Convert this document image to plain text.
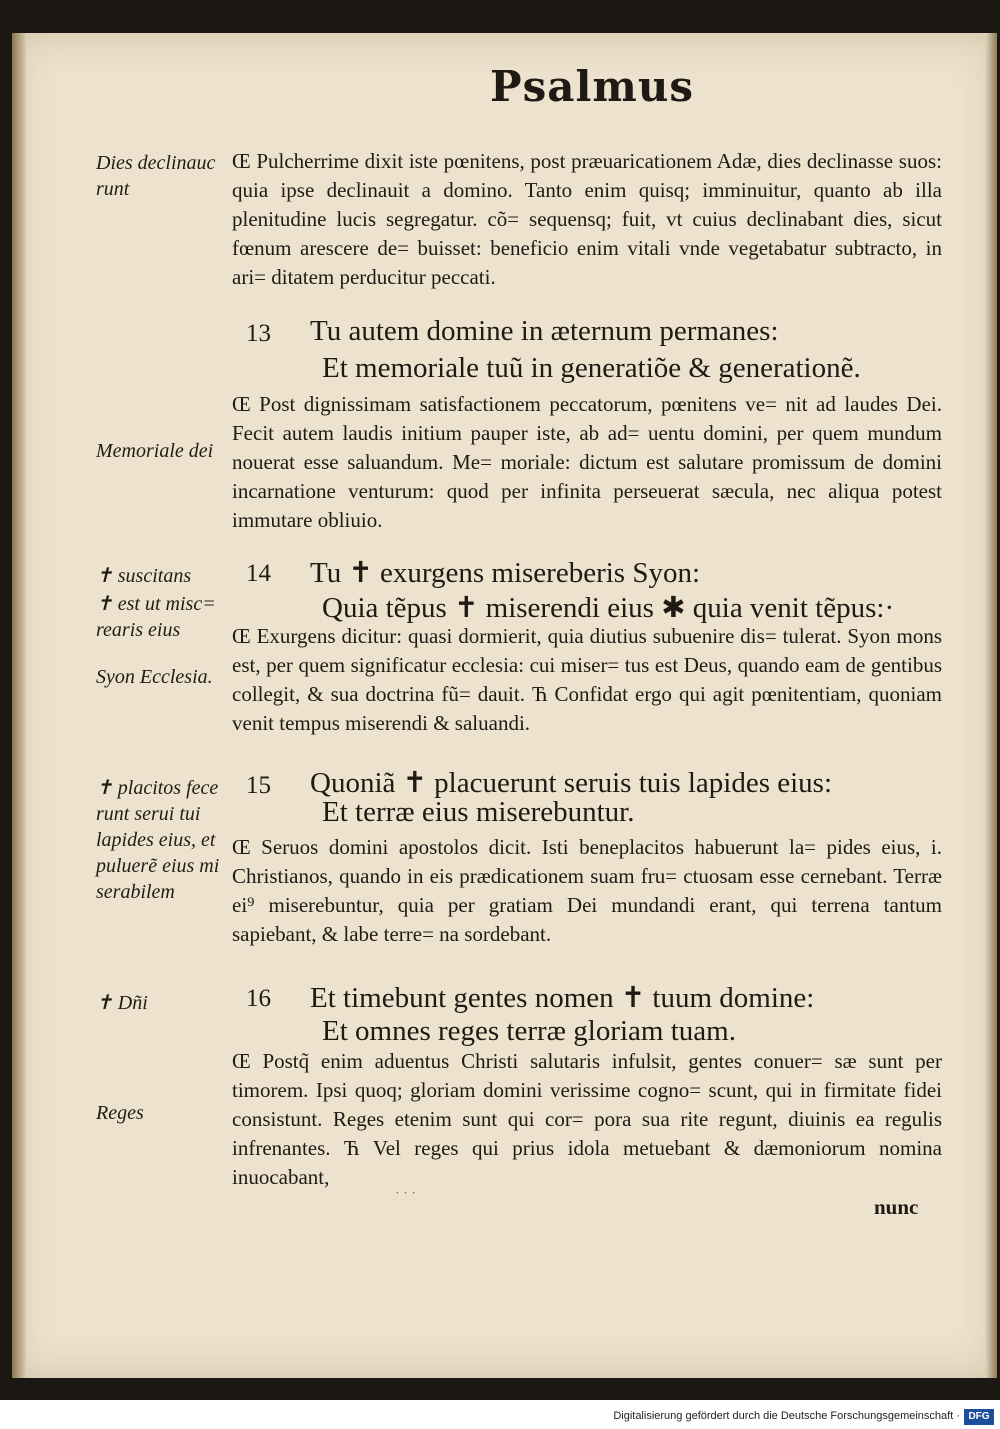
Psalmus
Dies declinauc runt
Memoriale dei
✝ suscitans
✝ est ut misc= rearis eius
Syon Ecclesia.
✝ placitos fece runt serui tui lapides eius, et puluerẽ eius mi serabilem
✝ Dñi
Reges
Œ Pulcherrime dixit iste pœnitens, post præuaricationem Adæ, dies declinasse suos: quia ipse declinauit a domino. Tanto enim quisq; imminuitur, quanto ab illa plenitudine lucis segregatur. cõ= sequensq; fuit, vt cuius declinabant dies, sicut fœnum arescere de= buisset: beneficio enim vitali vnde vegetabatur subtracto, in ari= ditatem perducitur peccati.
13 Tu autem domine in æternum permanes:
Et memoriale tuũ in generatiõe & generationẽ.
Œ Post dignissimam satisfactionem peccatorum, pœnitens ve= nit ad laudes Dei. Fecit autem laudis initium pauper iste, ab ad= uentu domini, per quem mundum nouerat esse saluandum. Me= moriale: dictum est salutare promissum de domini incarnatione venturum: quod per infinita perseuerat sæcula, nec aliqua potest immutare obliuio.
14 Tu ✝ exurgens misereberis Syon:
Quia tẽpus ✝ miserendi eius ✱ quia venit tẽpus:·
Œ Exurgens dicitur: quasi dormierit, quia diutius subuenire dis= tulerat. Syon mons est, per quem significatur ecclesia: cui miser= tus est Deus, quando eam de gentibus collegit, & sua doctrina fũ= dauit. Ћ Confidat ergo qui agit pœnitentiam, quoniam venit tempus miserendi & saluandi.
15 Quoniã ✝ placuerunt seruis tuis lapides eius:
Et terræ eius miserebuntur.
Œ Seruos domini apostolos dicit. Isti beneplacitos habuerunt la= pides eius, i. Christianos, quando in eis prædicationem suam fru= ctuosam esse cernebant. Terræ ei⁹ miserebuntur, quia per gratiam Dei mundandi erant, qui terrena tantum sapiebant, & labe terre= na sordebant.
16 Et timebunt gentes nomen ✝ tuum domine:
Et omnes reges terræ gloriam tuam.
Œ Postq̃ enim aduentus Christi salutaris infulsit, gentes conuer= sæ sunt per timorem. Ipsi quoq; gloriam domini verissime cogno= scunt, qui in firmitate fidei consistunt. Reges etenim sunt qui cor= pora sua rite regunt, diuinis ea regulis infrenantes. Ћ Vel reges qui prius idola metuebant & dæmoniorum nomina inuocabant,
˙ ˙ ˙	nunc
Digitalisierung gefördert durch die Deutsche Forschungsgemeinschaft · DFG
